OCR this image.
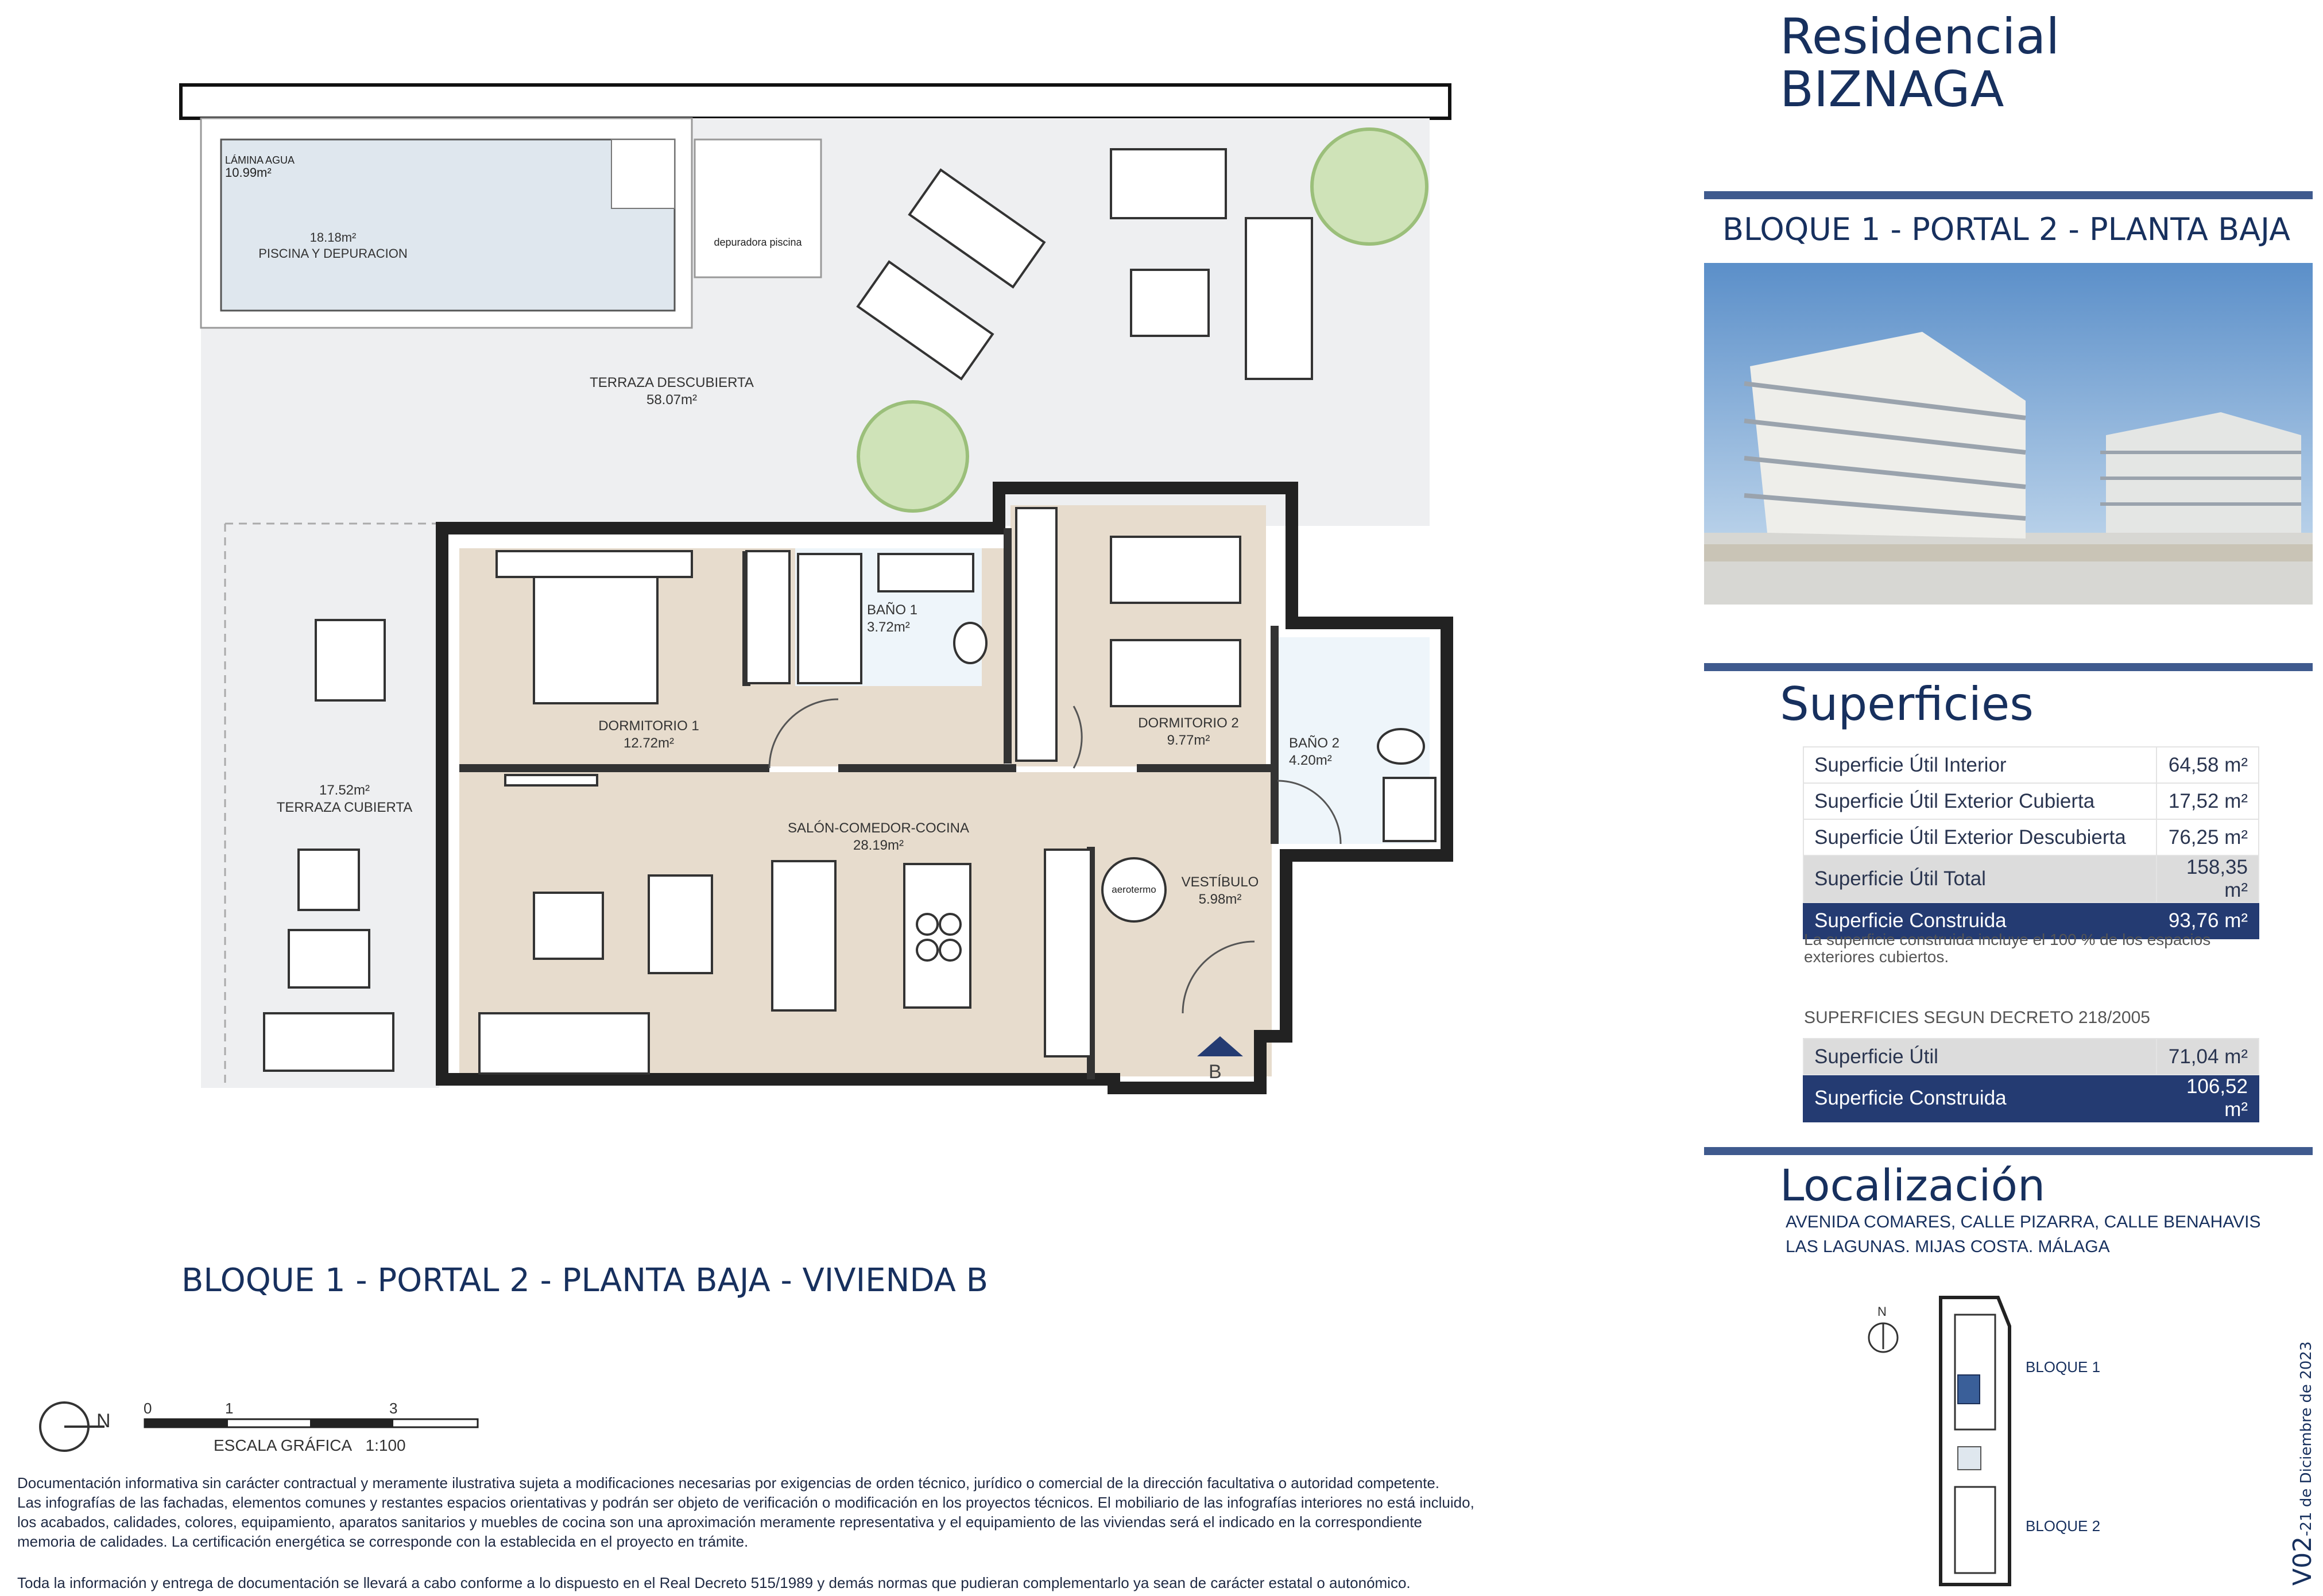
LÁMINA AGUA
10.99m²
18.18m²
PISCINA Y DEPURACION
depuradora piscina
TERRAZA DESCUBIERTA
58.07m²
17.52m²
TERRAZA CUBIERTA
DORMITORIO 1
12.72m²
BAÑO 1
3.72m²
DORMITORIO 2
9.77m²	BAÑO 2
4.20m²
SALÓN-COMEDOR-COCINA
28.19m²
VESTÍBULO
5.98m²
aerotermo
B
BLOQUE 1 - PORTAL 2 - PLANTA BAJA - VIVIENDA B
N
0	1	3
ESCALA GRÁFICA 1:100
Documentación informativa sin carácter contractual y meramente ilustrativa sujeta a modificaciones necesarias por exigencias de orden técnico, jurídico o comercial de la dirección facultativa o autoridad competente.
Las infografías de las fachadas, elementos comunes y restantes espacios orientativas y podrán ser objeto de verificación o modificación en los proyectos técnicos. El mobiliario de las infografías interiores no está incluido,
los acabados, calidades, colores, equipamiento, aparatos sanitarios y muebles de cocina son una aproximación meramente representativa y el equipamiento de las viviendas será el indicado en la correspondiente
memoria de calidades. La certificación energética se corresponde con la establecida en el proyecto en trámite.
Toda la información y entrega de documentación se llevará a cabo conforme a lo dispuesto en el Real Decreto 515/1989 y demás normas que pudieran complementarlo ya sean de carácter estatal o autonómico.
Residencial
BIZNAGA
BLOQUE 1 - PORTAL 2 - PLANTA BAJA
Superficies
Superficie Útil Interior	64,58 m²
Superficie Útil Exterior Cubierta	17,52 m²
Superficie Útil Exterior Descubierta	76,25 m²
Superficie Útil Total	158,35 m²
Superficie Construida	93,76 m²
La superficie construida incluye el 100 % de los espacios exteriores cubiertos.
SUPERFICIES SEGUN DECRETO 218/2005
Superficie Útil	71,04 m²
Superficie Construida	106,52 m²
Localización
AVENIDA COMARES, CALLE PIZARRA, CALLE BENAHAVIS
LAS LAGUNAS. MIJAS COSTA. MÁLAGA
N
BLOQUE 1
BLOQUE 2
V02-21 de Diciembre de 2023
